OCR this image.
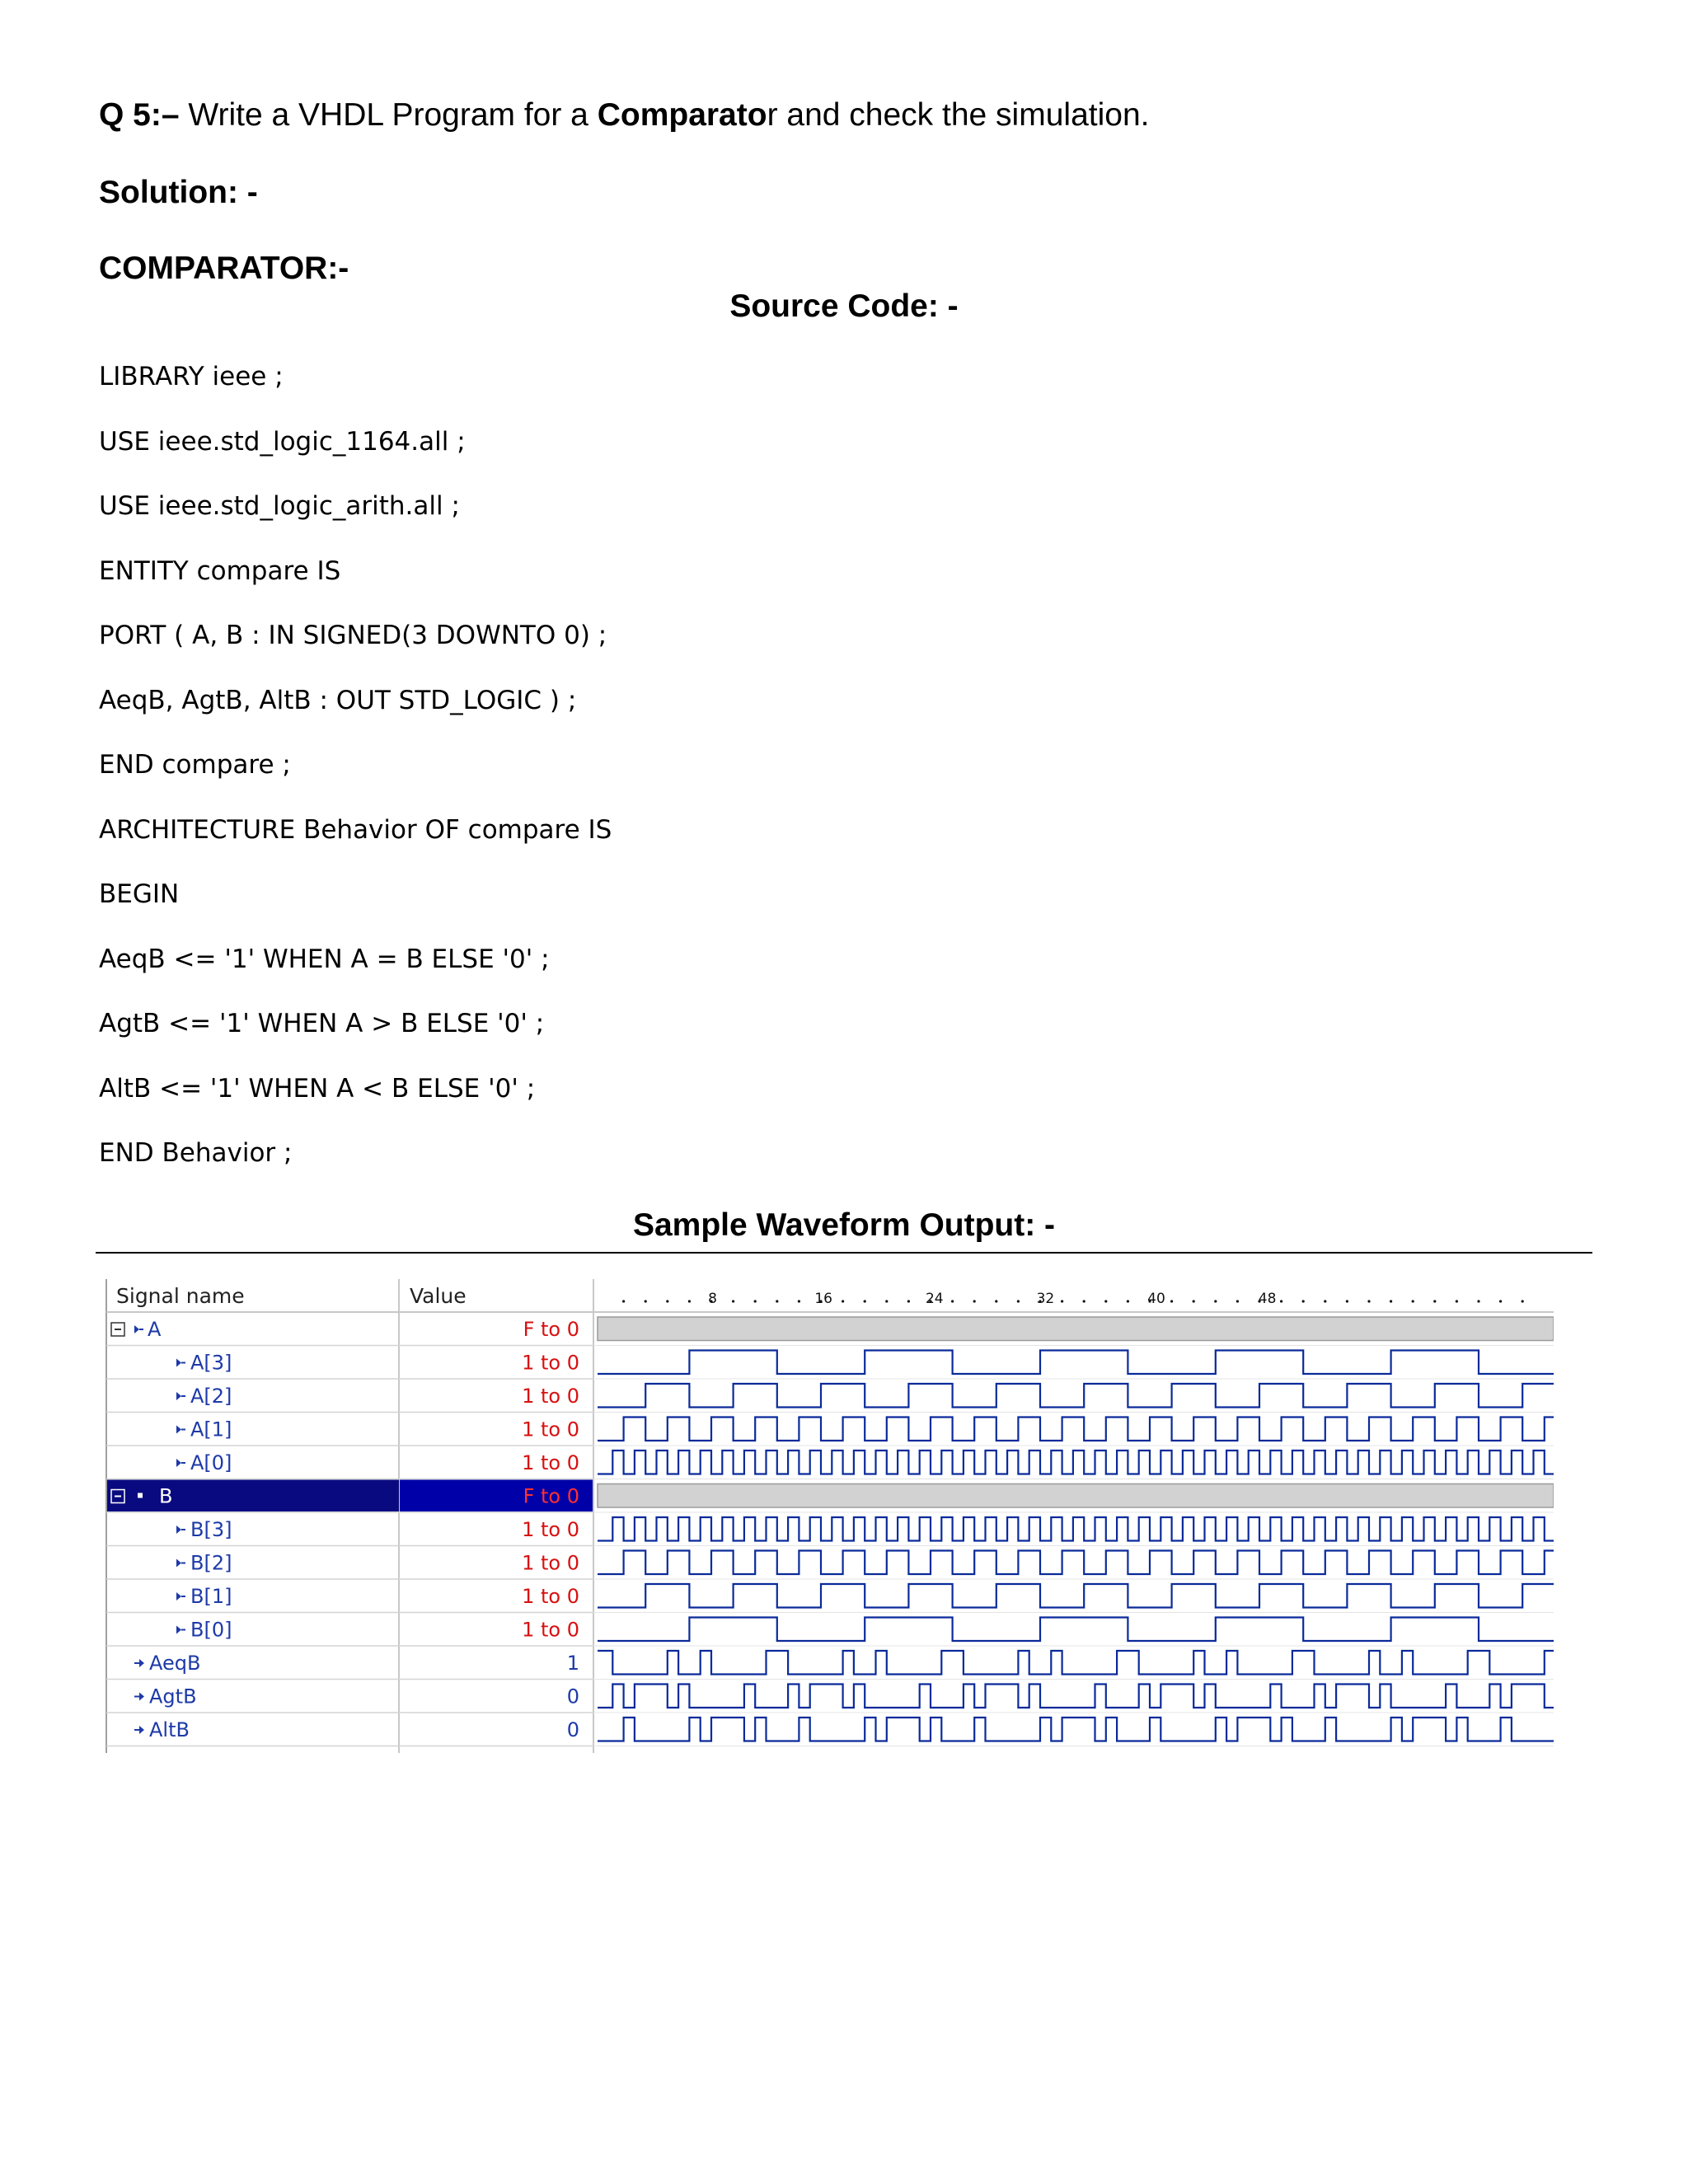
Q 5:– Write a VHDL Program for a Comparator and check the simulation.
Solution: -
COMPARATOR:-
Source Code: -
LIBRARY ieee ;
USE ieee.std_logic_1164.all ;
USE ieee.std_logic_arith.all ;
ENTITY compare IS
PORT ( A, B : IN SIGNED(3 DOWNTO 0) ;
AeqB, AgtB, AltB : OUT STD_LOGIC ) ;
END compare ;
ARCHITECTURE Behavior OF compare IS
BEGIN
AeqB <= '1' WHEN A = B ELSE '0' ;
AgtB <= '1' WHEN A > B ELSE '0' ;
AltB <= '1' WHEN A < B ELSE '0' ;
END Behavior ;
Sample Waveform Output: -
Signal name	Value	8	16	24	32	40	48
A	F to 0
A[3]	1 to 0
A[2]	1 to 0
A[1]	1 to 0
A[0]	1 to 0
B	F to 0
B[3]	1 to 0
B[2]	1 to 0
B[1]	1 to 0
B[0]	1 to 0
AeqB	1
AgtB	0
AltB	0
